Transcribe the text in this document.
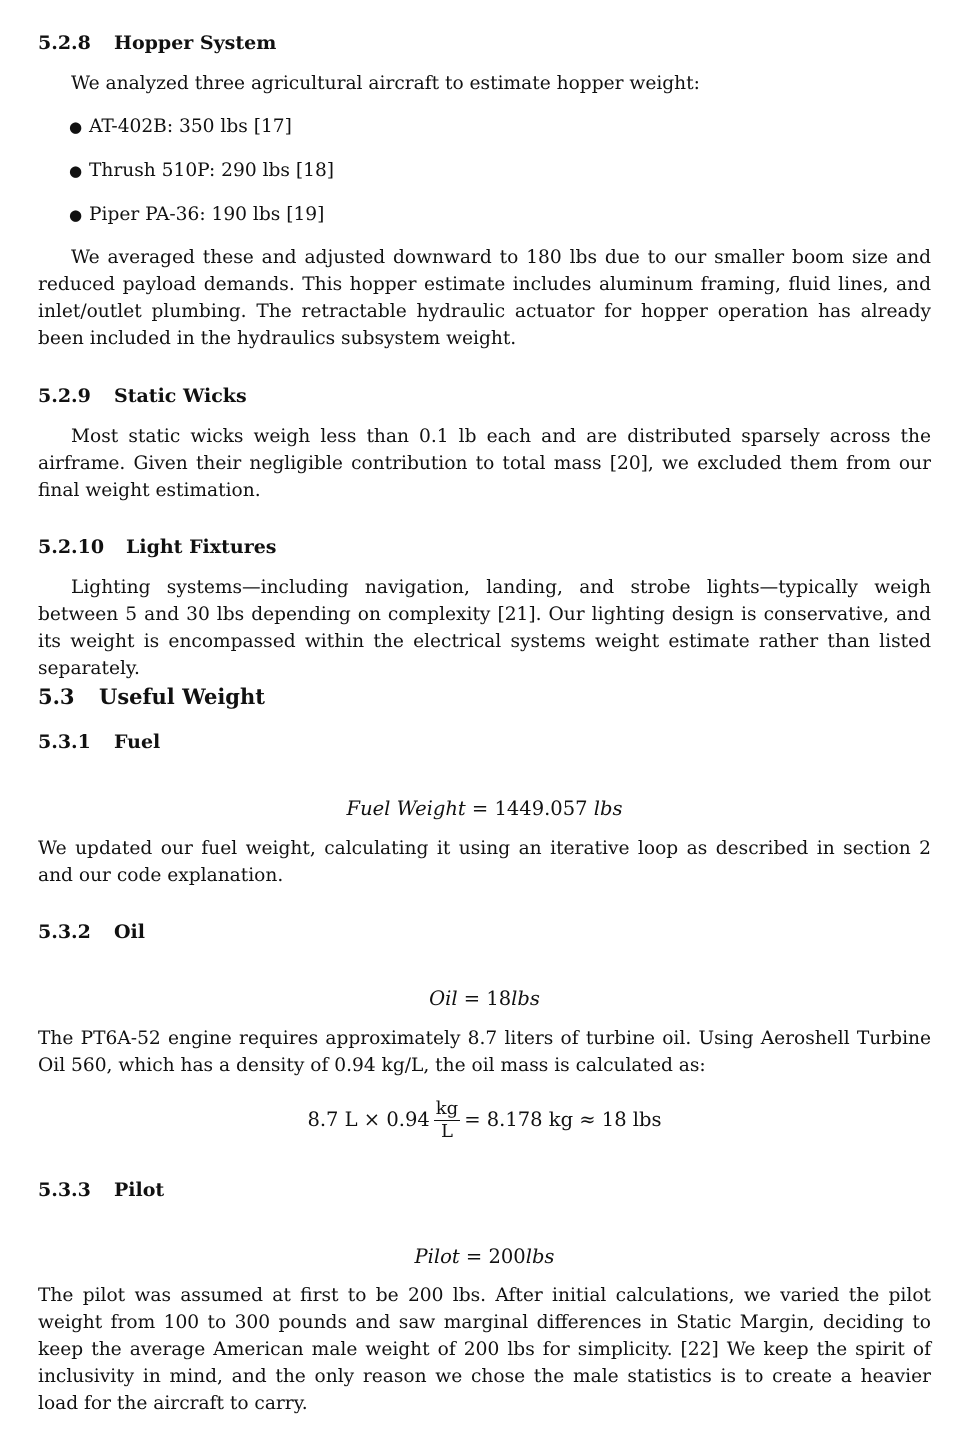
5.2.8 Hopper System
We analyzed three agricultural aircraft to estimate hopper weight:
● AT-402B: 350 lbs [17]
● Thrush 510P: 290 lbs [18]
● Piper PA-36: 190 lbs [19]
We averaged these and adjusted downward to 180 lbs due to our smaller boom size and reduced payload demands. This hopper estimate includes aluminum framing, fluid lines, and inlet/outlet plumbing. The retractable hydraulic actuator for hopper operation has already been included in the hydraulics subsystem weight.
5.2.9 Static Wicks
Most static wicks weigh less than 0.1 lb each and are distributed sparsely across the airframe. Given their negligible contribution to total mass [20], we excluded them from our final weight estimation.
5.2.10 Light Fixtures
Lighting systems—including navigation, landing, and strobe lights—typically weigh between 5 and 30 lbs depending on complexity [21]. Our lighting design is conservative, and its weight is encompassed within the electrical systems weight estimate rather than listed separately.
5.3 Useful Weight
5.3.1 Fuel
Fuel Weight = 1449.057 lbs
We updated our fuel weight, calculating it using an iterative loop as described in section 2 and our code explanation.
5.3.2 Oil
Oil = 18lbs
The PT6A-52 engine requires approximately 8.7 liters of turbine oil. Using Aeroshell Turbine Oil 560, which has a density of 0.94 kg/L, the oil mass is calculated as:
8.7 $L \times 0.94 \frac{kg}{L} = 8.178$ kg ≈ 18 lbs
5.3.3 Pilot
Pilot = 200lbs
The pilot was assumed at first to be 200 lbs. After initial calculations, we varied the pilot weight from 100 to 300 pounds and saw marginal differences in Static Margin, deciding to keep the average American male weight of 200 lbs for simplicity. [22] We keep the spirit of inclusivity in mind, and the only reason we chose the male statistics is to create a heavier load for the aircraft to carry.
